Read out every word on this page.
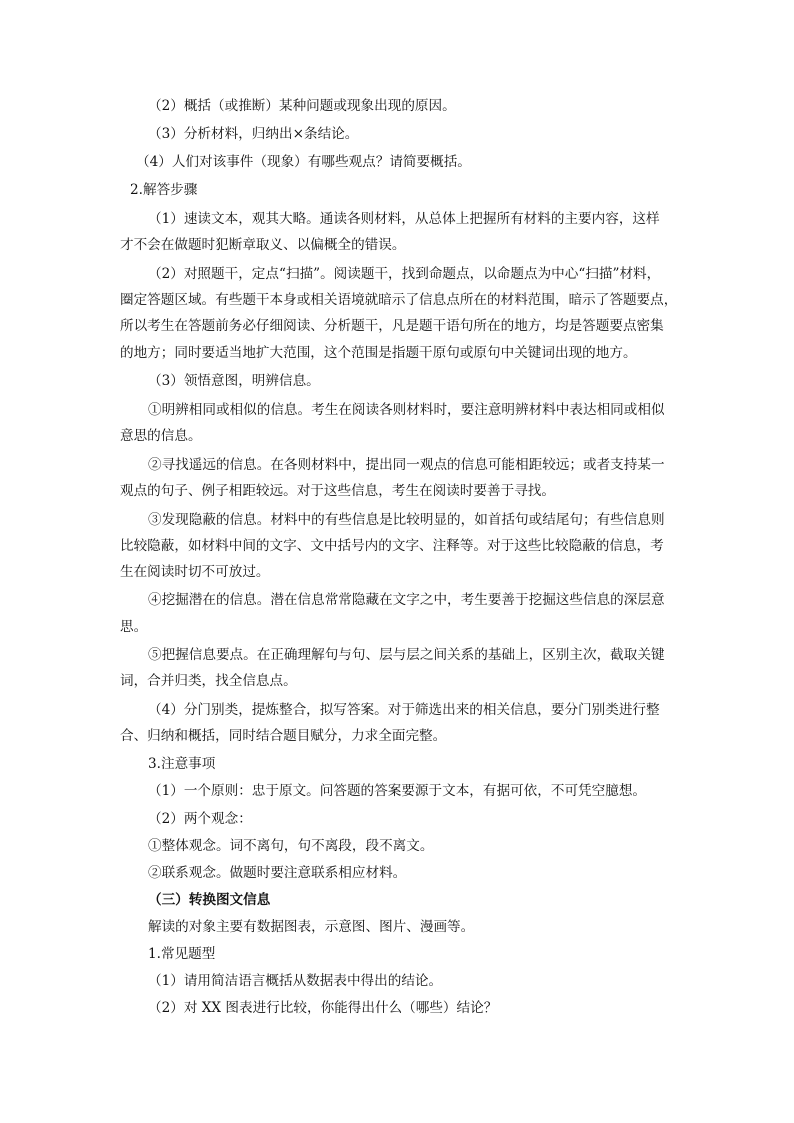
（2）概括（或推断）某种问题或现象出现的原因。

（3）分析材料，归纳出×条结论。

（4）人们对该事件（现象）有哪些观点？请简要概括。

2.解答步骤

（1）速读文本，观其大略。通读各则材料，从总体上把握所有材料的主要内容，这样

才不会在做题时犯断章取义、以偏概全的错误。

（2）对照题干，定点“扫描”。阅读题干，找到命题点，以命题点为中心“扫描”材料，

圈定答题区域。有些题干本身或相关语境就暗示了信息点所在的材料范围，暗示了答题要点，

所以考生在答题前务必仔细阅读、分析题干，凡是题干语句所在的地方，均是答题要点密集

的地方；同时要适当地扩大范围，这个范围是指题干原句或原句中关键词出现的地方。

（3）领悟意图，明辨信息。

①明辨相同或相似的信息。考生在阅读各则材料时，要注意明辨材料中表达相同或相似

意思的信息。

②寻找遥远的信息。在各则材料中，提出同一观点的信息可能相距较远；或者支持某一

观点的句子、例子相距较远。对于这些信息，考生在阅读时要善于寻找。

③发现隐蔽的信息。材料中的有些信息是比较明显的，如首括句或结尾句；有些信息则

比较隐蔽，如材料中间的文字、文中括号内的文字、注释等。对于这些比较隐蔽的信息，考

生在阅读时切不可放过。

④挖掘潜在的信息。潜在信息常常隐藏在文字之中，考生要善于挖掘这些信息的深层意

思。

⑤把握信息要点。在正确理解句与句、层与层之间关系的基础上，区别主次，截取关键

词，合并归类，找全信息点。

（4）分门别类，提炼整合，拟写答案。对于筛选出来的相关信息，要分门别类进行整

合、归纳和概括，同时结合题目赋分，力求全面完整。

3.注意事项

（1）一个原则：忠于原文。问答题的答案要源于文本，有据可依，不可凭空臆想。

（2）两个观念：

①整体观念。词不离句，句不离段，段不离文。

②联系观念。做题时要注意联系相应材料。

（三）转换图文信息

解读的对象主要有数据图表，示意图、图片、漫画等。

1.常见题型

（1）请用简洁语言概括从数据表中得出的结论。

（2）对 XX 图表进行比较，你能得出什么（哪些）结论？
